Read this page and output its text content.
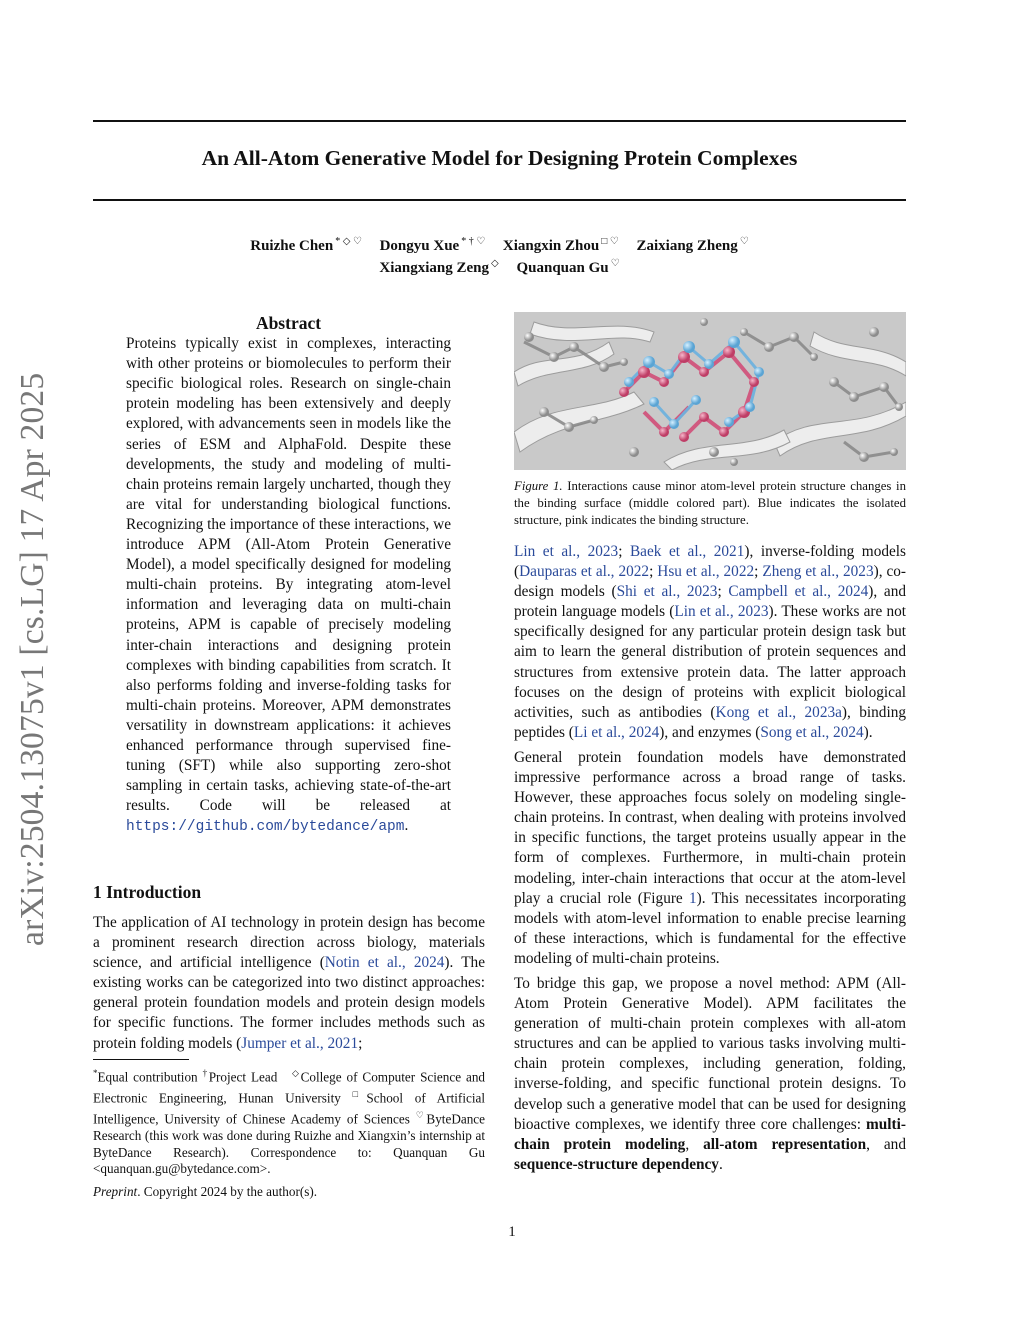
An All-Atom Generative Model for Designing Protein Complexes
Ruizhe Chen * ◇ ♡ Dongyu Xue * † ♡ Xiangxin Zhou □ ♡ Zaixiang Zheng ♡
Xiangxiang Zeng ◇ Quanquan Gu ♡
arXiv:2504.13075v1 [cs.LG] 17 Apr 2025
Abstract

Proteins typically exist in complexes, interacting with other proteins or biomolecules to perform their specific biological roles. Research on single-chain protein modeling has been extensively and deeply explored, with advancements seen in models like the series of ESM and AlphaFold. Despite these developments, the study and modeling of multi-chain proteins remain largely uncharted, though they are vital for understanding biological functions. Recognizing the importance of these interactions, we introduce APM (All-Atom Protein Generative Model), a model specifically designed for modeling multi-chain proteins. By integrating atom-level information and leveraging data on multi-chain proteins, APM is capable of precisely modeling inter-chain interactions and designing protein complexes with binding capabilities from scratch. It also performs folding and inverse-folding tasks for multi-chain proteins. Moreover, APM demonstrates versatility in downstream applications: it achieves enhanced performance through supervised fine-tuning (SFT) while also supporting zero-shot sampling in certain tasks, achieving state-of-the-art results. Code will be released at https://github.com/bytedance/apm.

1 Introduction

The application of AI technology in protein design has become a prominent research direction across biology, materials science, and artificial intelligence (Notin et al., 2024). The existing works can be categorized into two distinct approaches: general protein foundation models and protein design models for specific functions. The former includes methods such as protein folding models (Jumper et al., 2021;

*Equal contribution †Project Lead ◇College of Computer Science and Electronic Engineering, Hunan University □School of Artificial Intelligence, University of Chinese Academy of Sciences ♡ByteDance Research (this work was done during Ruizhe and Xiangxin’s internship at ByteDance Research). Correspondence to: Quanquan Gu <quanquan.gu@bytedance.com>.

Preprint. Copyright 2024 by the author(s).
Figure 1. Interactions cause minor atom-level protein structure changes in the binding surface (middle colored part). Blue indicates the isolated structure, pink indicates the binding structure.

Lin et al., 2023; Baek et al., 2021), inverse-folding models (Dauparas et al., 2022; Hsu et al., 2022; Zheng et al., 2023), co-design models (Shi et al., 2023; Campbell et al., 2024), and protein language models (Lin et al., 2023). These works are not specifically designed for any particular protein design task but aim to learn the general distribution of protein sequences and structures from extensive protein data. The latter approach focuses on the design of proteins with explicit biological activities, such as antibodies (Kong et al., 2023a), binding peptides (Li et al., 2024), and enzymes (Song et al., 2024).

General protein foundation models have demonstrated impressive performance across a broad range of tasks. However, these approaches focus solely on modeling single-chain proteins. In contrast, when dealing with proteins involved in specific functions, the target proteins usually appear in the form of complexes. Furthermore, in multi-chain protein modeling, inter-chain interactions that occur at the atom-level play a crucial role (Figure 1). This necessitates incorporating models with atom-level information to enable precise learning of these interactions, which is fundamental for the effective modeling of multi-chain proteins.

To bridge this gap, we propose a novel method: APM (All-Atom Protein Generative Model). APM facilitates the generation of multi-chain protein complexes with all-atom structures and can be applied to various tasks involving multi-chain protein complexes, including generation, folding, inverse-folding, and specific functional protein designs. To develop such a generative model that can be used for designing bioactive complexes, we identify three core challenges: multi-chain protein modeling, all-atom representation, and sequence-structure dependency.

1
